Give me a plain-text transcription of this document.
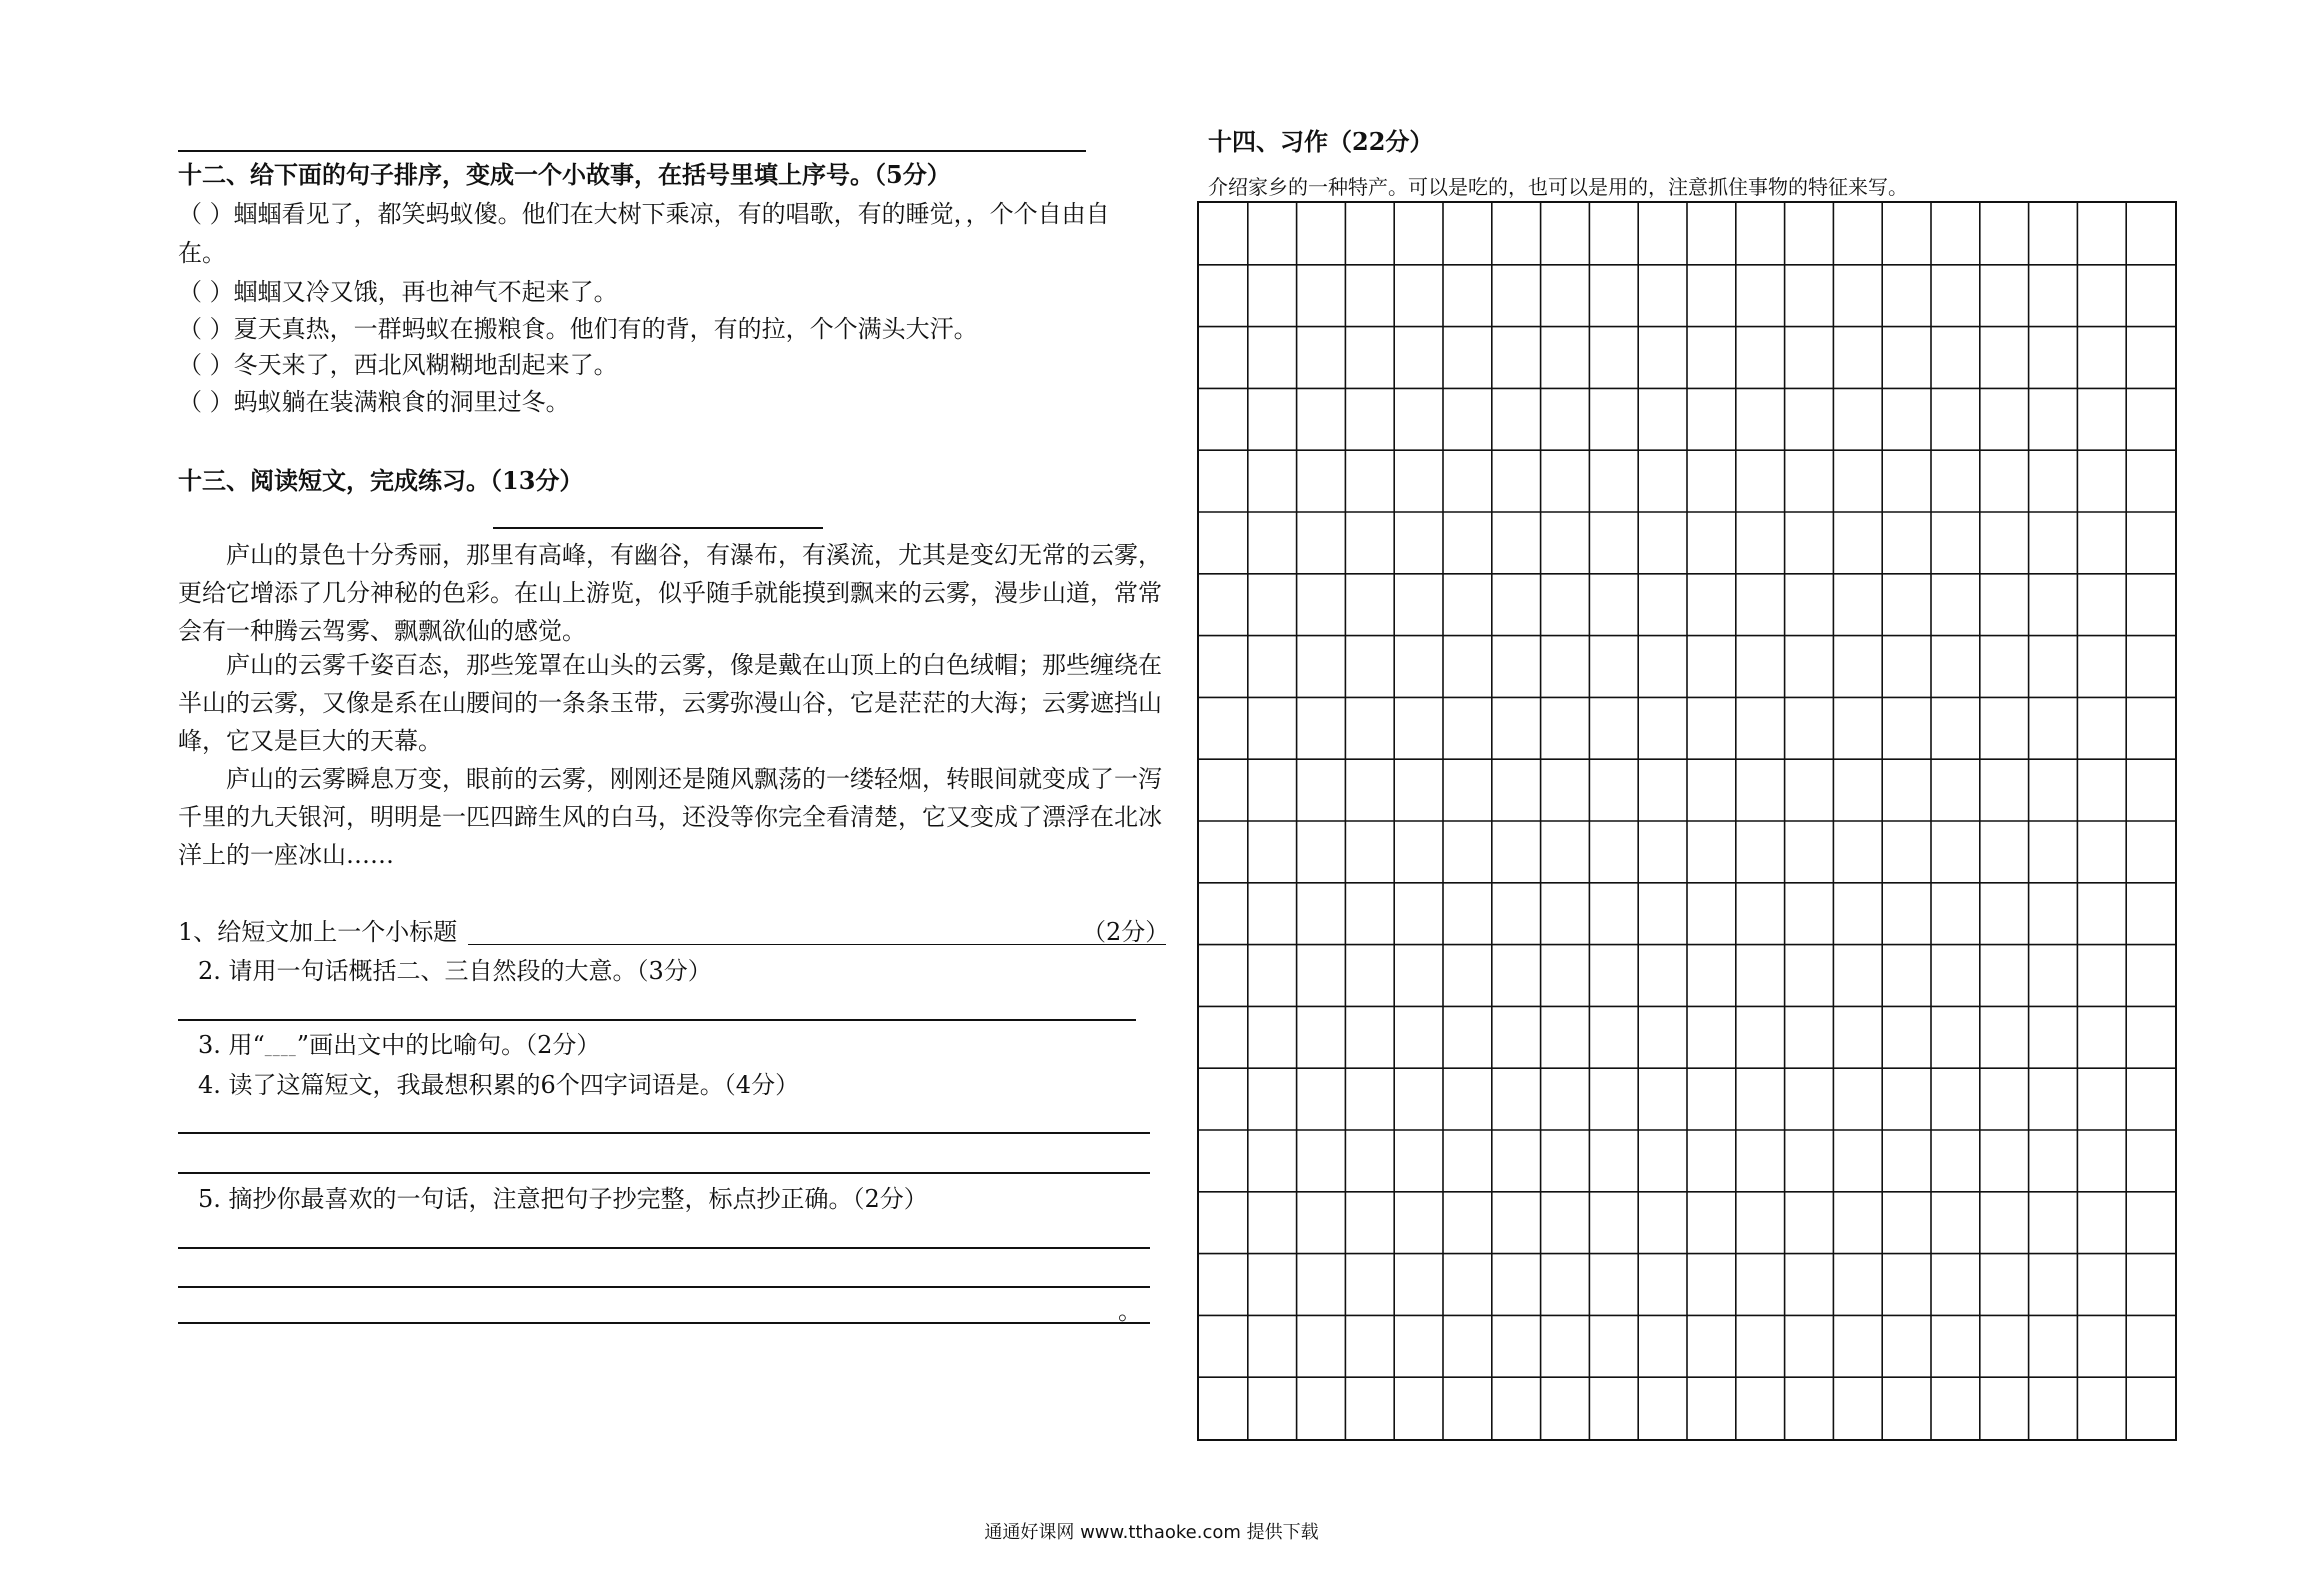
十二、给下面的句子排序，变成一个小故事，在括号里填上序号。（5分）
（ ）蝈蝈看见了，都笑蚂蚁傻。他们在大树下乘凉，有的唱歌，有的睡觉，，个个自由自
在。
（ ）蝈蝈又冷又饿，再也神气不起来了。
（ ）夏天真热，一群蚂蚁在搬粮食。他们有的背，有的拉，个个满头大汗。
（ ）冬天来了，西北风糊糊地刮起来了。
（ ）蚂蚁躺在装满粮食的洞里过冬。
十三、阅读短文，完成练习。（13分）
庐山的景色十分秀丽，那里有高峰，有幽谷，有瀑布，有溪流，尤其是变幻无常的云雾，更给它增添了几分神秘的色彩。在山上游览，似乎随手就能摸到飘来的云雾，漫步山道，常常会有一种腾云驾雾、飘飘欲仙的感觉。
庐山的云雾千姿百态，那些笼罩在山头的云雾，像是戴在山顶上的白色绒帽；那些缠绕在半山的云雾，又像是系在山腰间的一条条玉带，云雾弥漫山谷，它是茫茫的大海；云雾遮挡山峰，它又是巨大的天幕。
庐山的云雾瞬息万变，眼前的云雾，刚刚还是随风飘荡的一缕轻烟，转眼间就变成了一泻千里的九天银河，明明是一匹四蹄生风的白马，还没等你完全看清楚，它又变成了漂浮在北冰洋上的一座冰山……
1、给短文加上一个小标题	（2分）
2. 请用一句话概括二、三自然段的大意。（3分）
3. 用“____”画出文中的比喻句。（2分）
4. 读了这篇短文，我最想积累的6个四字词语是。（4分）
5. 摘抄你最喜欢的一句话，注意把句子抄完整，标点抄正确。（2分）
。
十四、习作（22分）
介绍家乡的一种特产。可以是吃的，也可以是用的，注意抓住事物的特征来写。
通通好课网 www.tthaoke.com 提供下载
